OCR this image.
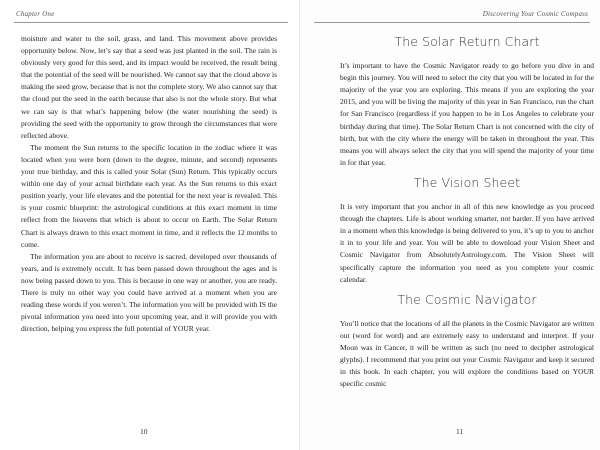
Chapter One

moisture and water to the soil, grass, and land. This movement above provides opportunity below. Now, let’s say that a seed was just planted in the soil. The rain is obviously very good for this seed, and its impact would be received, the result being that the potential of the seed will be nourished. We cannot say that the cloud above is making the seed grow, because that is not the complete story. We also cannot say that the cloud put the seed in the earth because that also is not the whole story. But what we can say is that what’s happening below (the water nourishing the seed) is providing the seed with the opportunity to grow through the circumstances that were reflected above.

The moment the Sun returns to the specific location in the zodiac where it was located when you were born (down to the degree, minute, and second) represents your true birthday, and this is called your Solar (Sun) Return. This typically occurs within one day of your actual birthdate each year. As the Sun returns to this exact position yearly, your life elevates and the potential for the next year is revealed. This is your cosmic blueprint: the astrological conditions at this exact moment in time reflect from the heavens that which is about to occur on Earth. The Solar Return Chart is always drawn to this exact moment in time, and it reflects the 12 months to come.

The information you are about to receive is sacred, developed over thousands of years, and is extremely occult. It has been passed down throughout the ages and is now being passed down to you. This is because in one way or another, you are ready. There is truly no other way you could have arrived at a moment when you are reading these words if you weren’t. The information you will be provided with IS the pivotal information you need into your upcoming year, and it will provide you with direction, helping you express the full potential of YOUR year.

10
Discovering Your Cosmic Compass
The Solar Return Chart

It’s important to have the Cosmic Navigator ready to go before you dive in and begin this journey. You will need to select the city that you will be located in for the majority of the year you are exploring. This means if you are exploring the year 2015, and you will be living the majority of this year in San Francisco, run the chart for San Francisco (regardless if you happen to be in Los Angeles to celebrate your birthday during that time). The Solar Return Chart is not concerned with the city of birth, but with the city where the energy will be taken in throughout the year. This means you will always select the city that you will spend the majority of your time in for that year.

The Vision Sheet

It is very important that you anchor in all of this new knowledge as you proceed through the chapters. Life is about working smarter, not harder. If you have arrived in a moment when this knowledge is being delivered to you, it’s up to you to anchor it in to your life and year. You will be able to download your Vision Sheet and Cosmic Navigator from AbsolutelyAstrology.com. The Vision Sheet will specifically capture the information you need as you complete your cosmic calendar.

The Cosmic Navigator

You’ll notice that the locations of all the planets in the Cosmic Navigator are written out (word for word) and are extremely easy to understand and interpret. If your Moon was in Cancer, it will be written as such (no need to decipher astrological glyphs). I recommend that you print out your Cosmic Navigator and keep it secured in this book. In each chapter, you will explore the conditions based on YOUR specific cosmic

11
